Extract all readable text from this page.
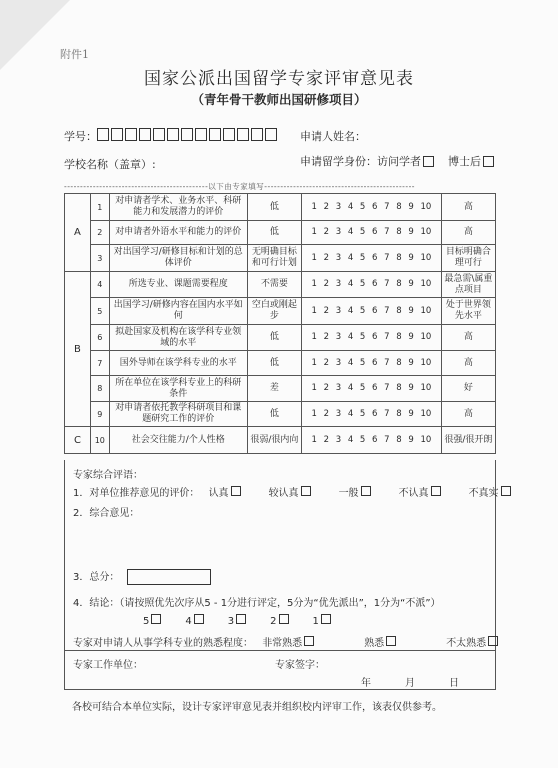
附件1
国家公派出国留学专家评审意见表
（青年骨干教师出国研修项目）
学号：	申请人姓名：
学校名称（盖章）:	申请留学身份：访问学者 博士后
---------------------------------------------以下由专家填写-----------------------------------------------
A	1	对申请者学术、业务水平、科研能力和发展潜力的评价	低	1 2 3 4 5 6 7 8 9 10	高
	2	对申请者外语水平和能力的评价	低	1 2 3 4 5 6 7 8 9 10	高
	3	对出国学习/研修目标和计划的总体评价	无明确目标和可行计划	1 2 3 4 5 6 7 8 9 10	目标明确合理可行
B	4	所选专业、课题需要程度	不需要	1 2 3 4 5 6 7 8 9 10	最急需\属重点项目
	5	出国学习/研修内容在国内水平如何	空白或刚起步	1 2 3 4 5 6 7 8 9 10	处于世界领先水平
	6	拟赴国家及机构在该学科专业领域的水平	低	1 2 3 4 5 6 7 8 9 10	高
	7	国外导师在该学科专业的水平	低	1 2 3 4 5 6 7 8 9 10	高
	8	所在单位在该学科专业上的科研条件	差	1 2 3 4 5 6 7 8 9 10	好
	9	对申请者依托教学科研项目和课题研究工作的评价	低	1 2 3 4 5 6 7 8 9 10	高
C	10	社会交往能力/个人性格	很弱/很内向	1 2 3 4 5 6 7 8 9 10	很强/很开朗
专家综合评语：
1．对单位推荐意见的评价： 认真	较认真	一般	不认真	不真实
2．综合意见：
3．总分：
4．结论：（请按照优先次序从5 - 1分进行评定，5分为“优先派出”，1分为“不派”）
5	4	3	2	1
专家对申请人从事学科专业的熟悉程度： 非常熟悉	熟悉	不太熟悉
专家工作单位：	专家签字：
年	月	日
各校可结合本单位实际，设计专家评审意见表并组织校内评审工作，该表仅供参考。
